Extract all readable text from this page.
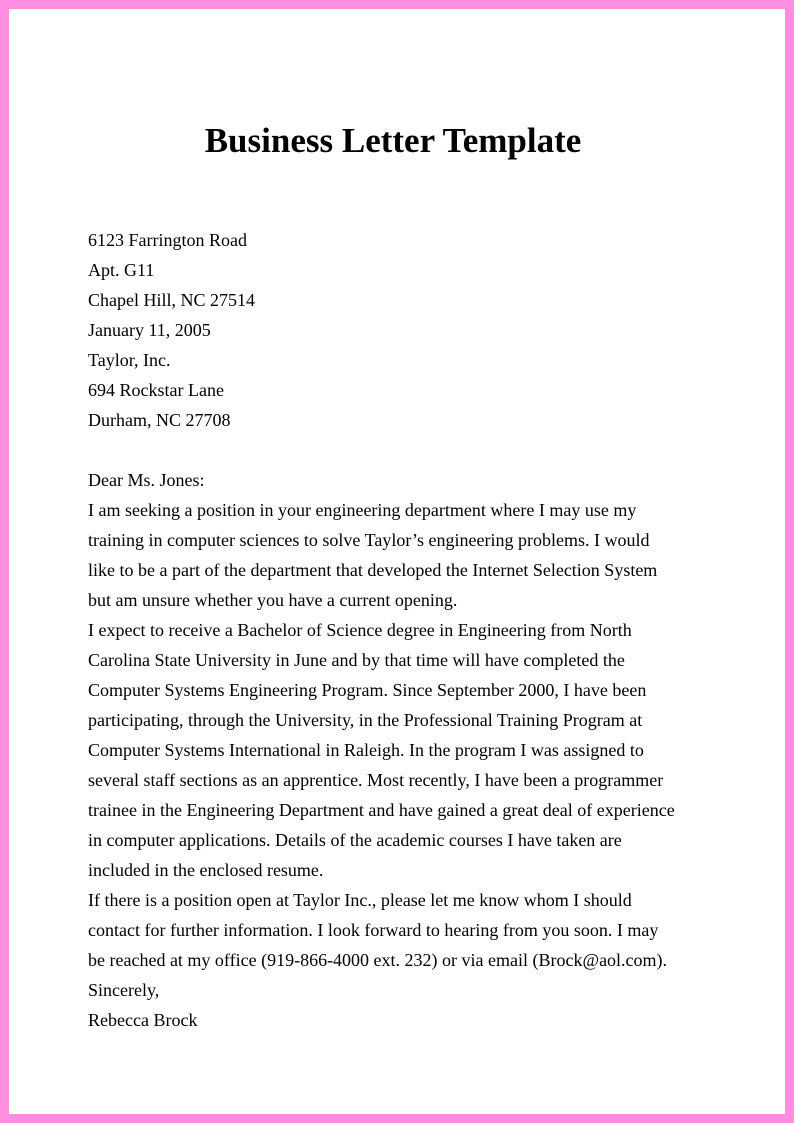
Business Letter Template
6123 Farrington Road
Apt. G11
Chapel Hill, NC 27514
January 11, 2005
Taylor, Inc.
694 Rockstar Lane
Durham, NC 27708
Dear Ms. Jones:
I am seeking a position in your engineering department where I may use my
training in computer sciences to solve Taylor’s engineering problems. I would
like to be a part of the department that developed the Internet Selection System
but am unsure whether you have a current opening.
I expect to receive a Bachelor of Science degree in Engineering from North
Carolina State University in June and by that time will have completed the
Computer Systems Engineering Program. Since September 2000, I have been
participating, through the University, in the Professional Training Program at
Computer Systems International in Raleigh. In the program I was assigned to
several staff sections as an apprentice. Most recently, I have been a programmer
trainee in the Engineering Department and have gained a great deal of experience
in computer applications. Details of the academic courses I have taken are
included in the enclosed resume.
If there is a position open at Taylor Inc., please let me know whom I should
contact for further information. I look forward to hearing from you soon. I may
be reached at my office (919-866-4000 ext. 232) or via email (Brock@aol.com).
Sincerely,
Rebecca Brock
